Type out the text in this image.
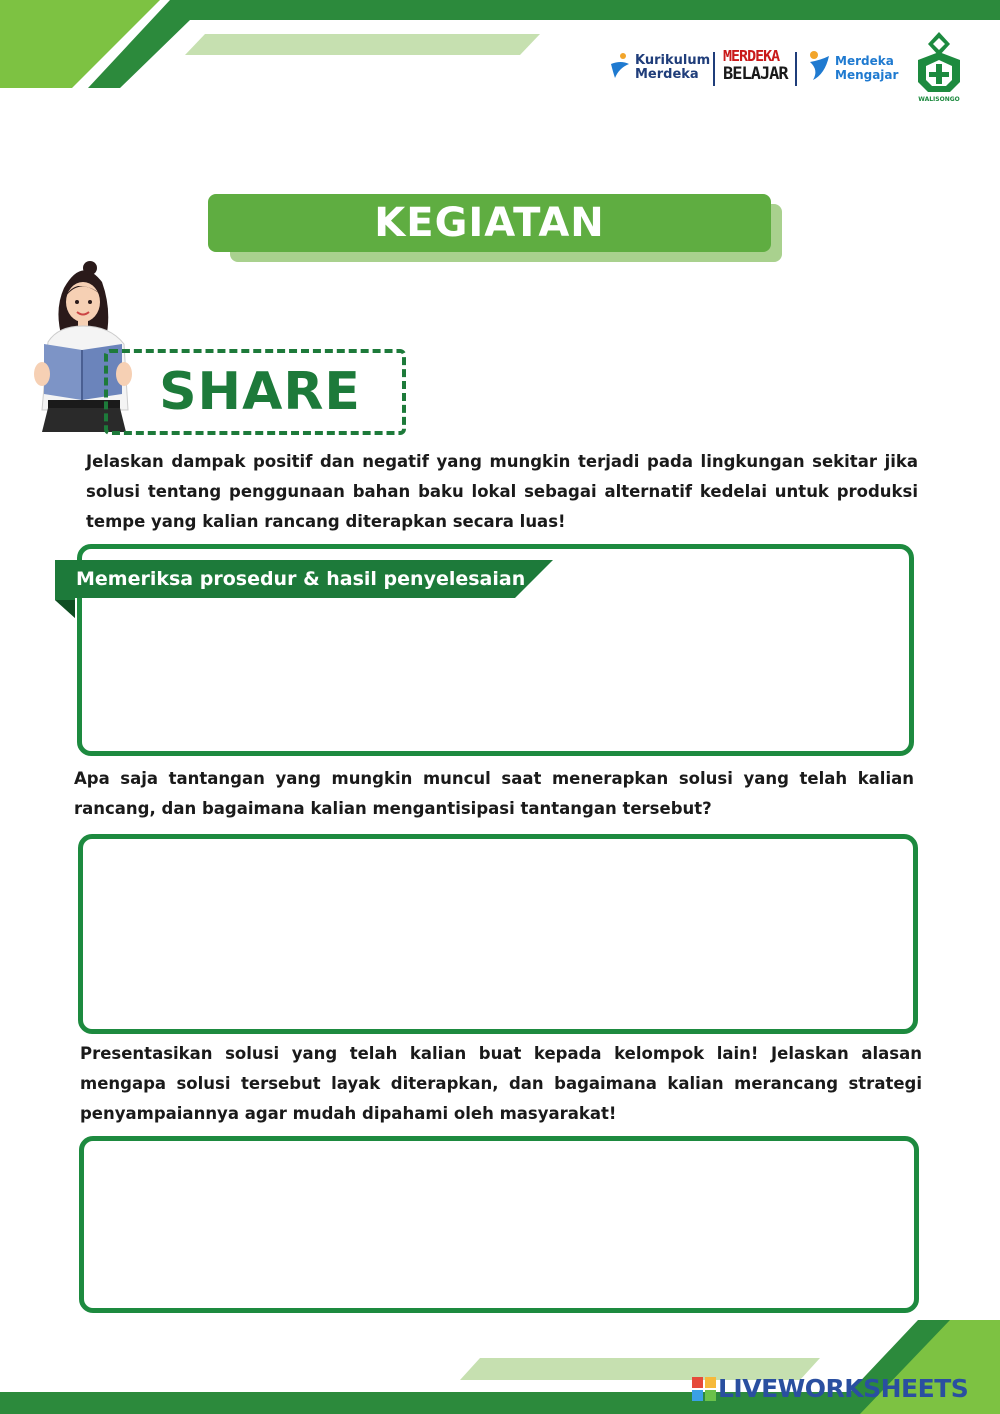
Kurikulum
Merdeka
MERDEKA
BELAJAR
Merdeka
Mengajar
WALISONGO
KEGIATAN PEMBELAJARAN
SHARE
Jelaskan dampak positif dan negatif yang mungkin terjadi pada lingkungan sekitar jika solusi tentang penggunaan bahan baku lokal sebagai alternatif kedelai untuk produksi tempe yang kalian rancang diterapkan secara luas!
Memeriksa prosedur & hasil penyelesaian
Apa saja tantangan yang mungkin muncul saat menerapkan solusi yang telah kalian rancang, dan bagaimana kalian mengantisipasi tantangan tersebut?
Presentasikan solusi yang telah kalian buat kepada kelompok lain! Jelaskan alasan mengapa solusi tersebut layak diterapkan, dan bagaimana kalian merancang strategi penyampaiannya agar mudah dipahami oleh masyarakat!
LIVEWORKSHEETS
